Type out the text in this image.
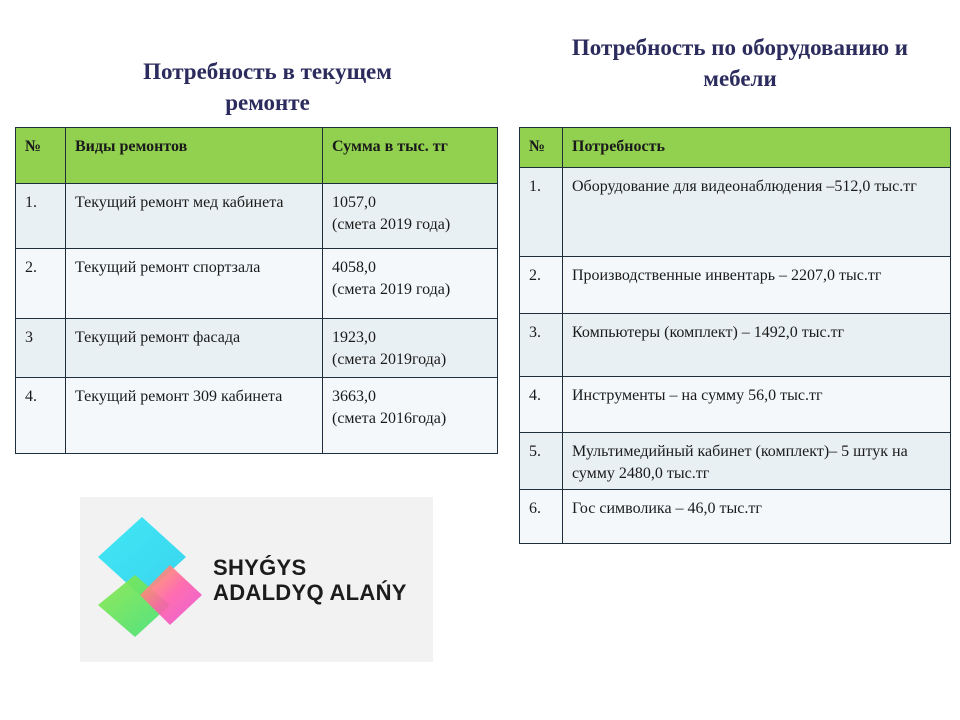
Потребность в текущем ремонте
Потребность по оборудованию и мебели
№	Виды ремонтов	Сумма в тыс. тг
1.	Текущий ремонт мед кабинета	1057,0
(смета 2019 года)

2.	Текущий ремонт спортзала	4058,0
(смета 2019 года)

3	Текущий ремонт фасада	1923,0
(смета 2019года)

4.	Текущий ремонт 309 кабинета	3663,0
(смета 2016года)
№	Потребность
1.	Оборудование для видеонаблюдения –512,0 тыс.тг
2.	Производственные инвентарь – 2207,0 тыс.тг
3.	Компьютеры (комплект) – 1492,0 тыс.тг
4.	Инструменты – на сумму 56,0 тыс.тг
5.	Мультимедийный кабинет (комплект)– 5 штук на сумму 2480,0 тыс.тг
6.	Гос символика – 46,0 тыс.тг
SHYǴYS
ADALDYQ ALAŃY
